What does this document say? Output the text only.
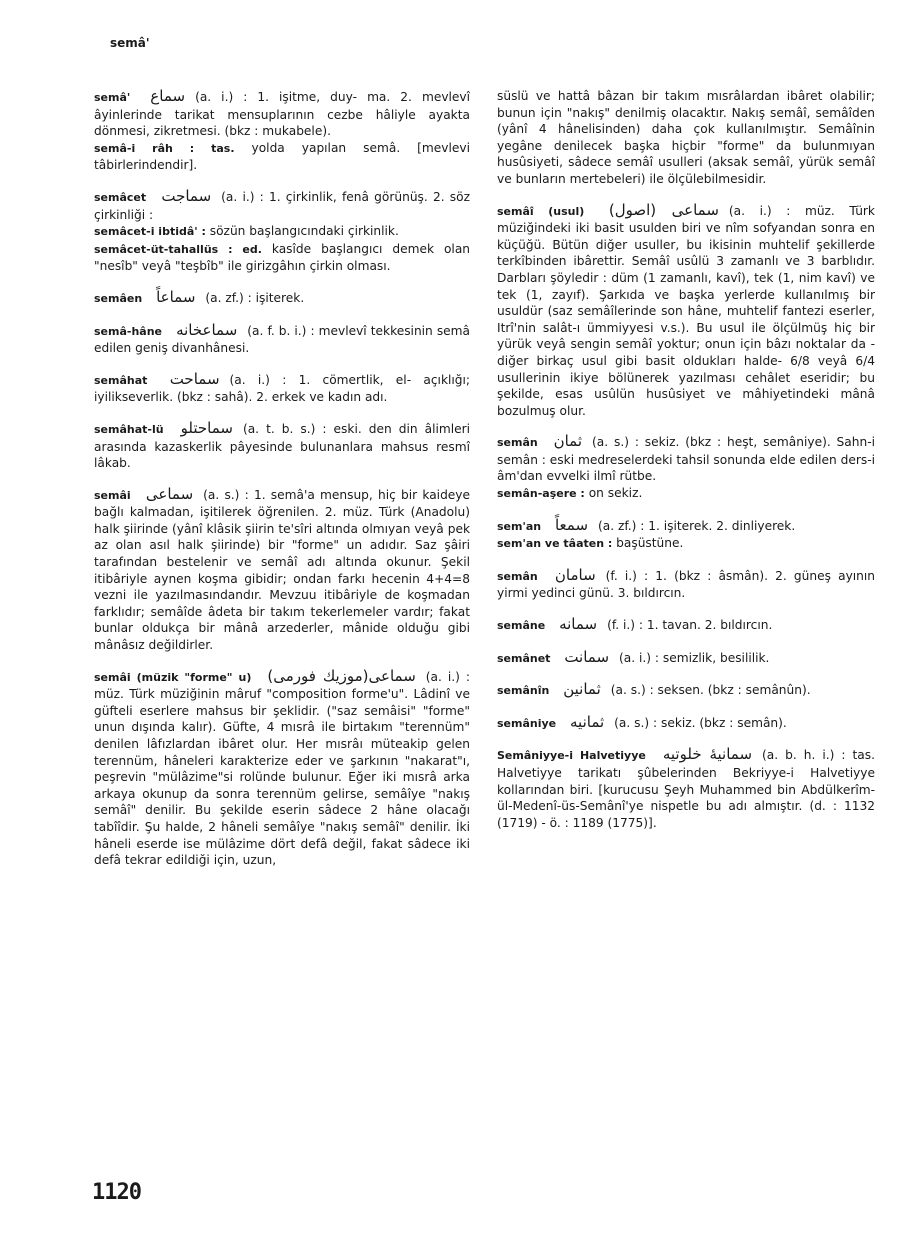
semâ'

semâ' سماع (a. i.) : 1. işitme, duy- ma. 2. mevlevî âyinlerinde tarikat mensuplarının cezbe hâliyle ayakta dönmesi, zikretmesi. (bkz : mukabele).

semâ-i râh : tas. yolda yapılan semâ. [mevlevi tâbirlerindendir].

semâcet سماجت (a. i.) : 1. çirkinlik, fenâ görünüş. 2. söz çirkinliği :

semâcet-i ibtidâ' : sözün başlangıcındaki çirkinlik.

semâcet-üt-tahallüs : ed. kasîde başlangıcı demek olan "nesîb" veyâ "teşbîb" ile girizgâhın çirkin olması.

semâen سماعاً (a. zf.) : işiterek.

semâ-hâne سماعخانه (a. f. b. i.) : mevlevî tekkesinin semâ edilen geniş divanhânesi.

semâhat سماحت (a. i.) : 1. cömertlik, el- açıklığı; iyilikseverlik. (bkz : sahâ). 2. erkek ve kadın adı.

semâhat-lü سماحتلو (a. t. b. s.) : eski. den din âlimleri arasında kazaskerlik pâyesinde bulunanlara mahsus resmî lâkab.

semâi سماعى (a. s.) : 1. semâ'a mensup, hiç bir kaideye bağlı kalmadan, işitilerek öğrenilen. 2. müz. Türk (Anadolu) halk şiirinde (yânî klâsik şiirin te'sîri altında olmıyan veyâ pek az olan asıl halk şiirinde) bir "forme" un adıdır. Saz şâiri tarafından bestelenir ve semâî adı altında okunur. Şekil itibâriyle aynen koşma gibidir; ondan farkı hecenin 4+4=8 vezni ile yazılmasındandır. Mevzuu itibâriyle de koşmadan farklıdır; semâîde âdeta bir takım tekerlemeler vardır; fakat bunlar oldukça bir mânâ arzederler, mânide olduğu gibi mânâsız değildirler.

semâi (müzik "forme" u) سماعى(موزيك فورمى) (a. i.) : müz. Türk müziğinin mâruf "composition forme'u". Lâdinî ve güfteli eserlere mahsus bir şeklidir. ("saz semâisi" "forme" unun dışında kalır). Güfte, 4 mısrâ ile birtakım "terennüm" denilen lâfızlardan ibâret olur. Her mısrâı müteakip gelen terennüm, hâneleri karakterize eder ve şarkının "nakarat"ı, peşrevin "mülâzime"si rolünde bulunur. Eğer iki mısrâ arka arkaya okunup da sonra terennüm gelirse, semâîye "nakış semâî" denilir. Bu şekilde eserin sâdece 2 hâne olacağı tabîîdir. Şu halde, 2 hâneli semâîye "nakış semâî" denilir. İki hâneli eserde ise mülâzime dört defâ değil, fakat sâdece iki defâ tekrar edildiği için, uzun,

süslü ve hattâ bâzan bir takım mısrâlardan ibâret olabilir; bunun için "nakış" denilmiş olacaktır. Nakış semâî, semâîden (yânî 4 hânelisinden) daha çok kullanılmıştır. Semâînin yegâne denilecek başka hiçbir "forme" da bulunmıyan husûsiyeti, sâdece semâî usulleri (aksak semâî, yürük semâî ve bunların mertebeleri) ile ölçülebilmesidir.

semâî (usul) سماعى (اصول) (a. i.) : müz. Türk müziğindeki iki basit usulden biri ve nîm sofyandan sonra en küçüğü. Bütün diğer usuller, bu ikisinin muhtelif şekillerde terkîbinden ibârettir. Semâî usûlü 3 zamanlı ve 3 barblıdır. Darbları şöyledir : düm (1 zamanlı, kavî), tek (1, nim kavî) ve tek (1, zayıf). Şarkıda ve başka yerlerde kullanılmış bir usuldür (saz semâîlerinde son hâne, muhtelif fantezi eserler, Itrî'nin salât-ı ümmiyyesi v.s.). Bu usul ile ölçülmüş hiç bir yürük veyâ sengin semâî yoktur; onun için bâzı noktalar da -diğer birkaç usul gibi basit oldukları halde- 6/8 veyâ 6/4 usullerinin ikiye bölünerek yazılması cehâlet eseridir; bu şekilde, esas usûlün husûsiyet ve mâhiyetindeki mânâ bozulmuş olur.

semân ثمان (a. s.) : sekiz. (bkz : heşt, semâniye). Sahn-i semân : eski medreselerdeki tahsil sonunda elde edilen ders-i âm'dan evvelki ilmî rütbe.

semân-aşere : on sekiz.

sem'an سمعاً (a. zf.) : 1. işiterek. 2. dinliyerek.

sem'an ve tâaten : başüstüne.

semân سامان (f. i.) : 1. (bkz : âsmân). 2. güneş ayının yirmi yedinci günü. 3. bıldırcın.

semâne سمانه (f. i.) : 1. tavan. 2. bıldırcın.

semânet سمانت (a. i.) : semizlik, besililik.

semânîn ثمانين (a. s.) : seksen. (bkz : semânûn).

semâniye ثمانيه (a. s.) : sekiz. (bkz : semân).

Semâniyye-i Halvetiyye سمانيۀ خلوتيه (a. b. h. i.) : tas. Halvetiyye tarikatı şûbelerinden Bekriyye-i Halvetiyye kollarından biri. [kurucusu Şeyh Muhammed bin Abdülkerîm-ül-Medenî-üs-Semânî'ye nispetle bu adı almıştır. (d. : 1132 (1719) - ö. : 1189 (1775)].

1120
